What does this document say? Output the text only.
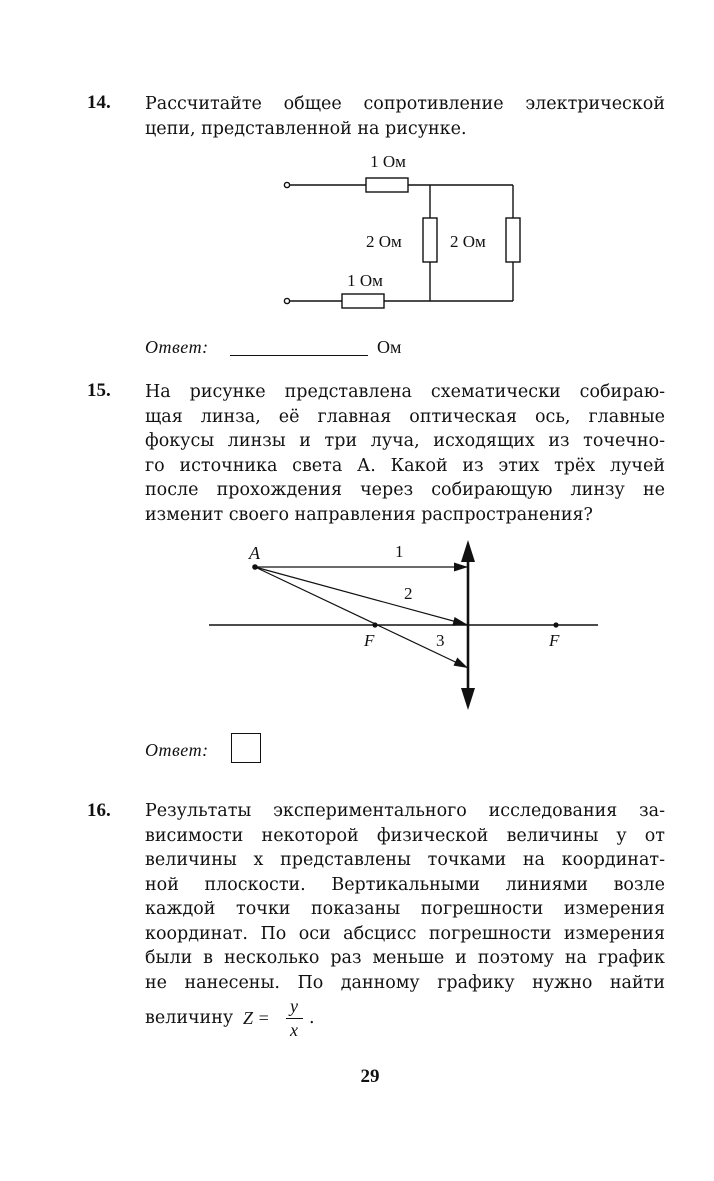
14. Рассчитайте общее сопротивление электрической
цепи, представленной на рисунке.
1 Ом
2 Ом	2 Ом
1 Ом
Ответ:	Ом
15. На рисунке представлена схематически собираю-
щая линза, её главная оптическая ось, главные
фокусы линзы и три луча, исходящих из точечно-
го источника света А. Какой из этих трёх лучей
после прохождения через собирающую линзу не
изменит своего направления распространения?
A	1
2
3
F	F
Ответ:
16. Результаты экспериментального исследования за-
висимости некоторой физической величины y от
величины x представлены точками на координат-
ной плоскости. Вертикальными линиями возле
каждой точки показаны погрешности измерения
координат. По оси абсцисс погрешности измерения
были в несколько раз меньше и поэтому на график
не нанесены. По данному графику нужно найти
величину Z =
y
x
.
29
